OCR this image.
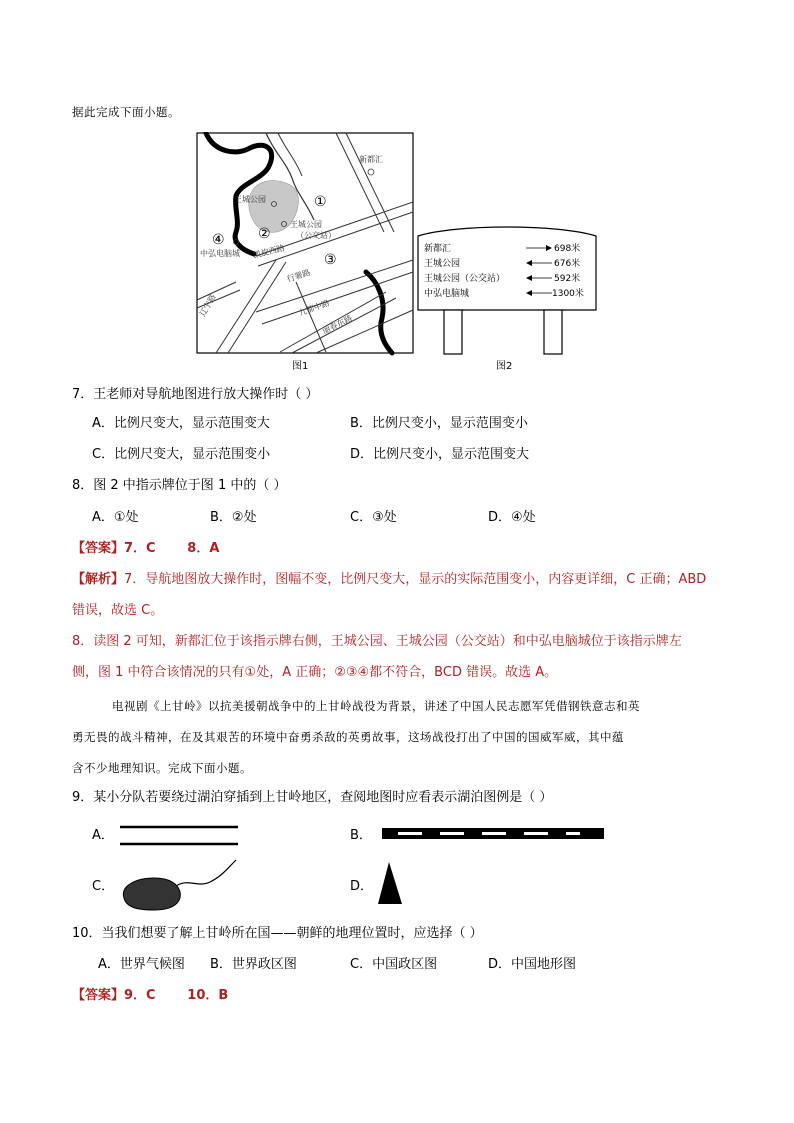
据此完成下面小题。
新都汇
王城公园
王城公园
（公交站）
中弘电脑城 凯旋西路
行署路
辽宁路	九都中路
丽春东路
①
②
③
④
图1
新都汇	698米
王城公园	676米
王城公园（公交站）	592米
中弘电脑城	1300米
图2
7．王老师对导航地图进行放大操作时（ ）
A．比例尺变大，显示范围变大	B．比例尺变小，显示范围变小
C．比例尺变大，显示范围变小	D．比例尺变小，显示范围变大
8．图 2 中指示牌位于图 1 中的（ ）
A．①处	B．②处	C．③处	D．④处
【答案】7．C       8．A
【解析】7．导航地图放大操作时，图幅不变，比例尺变大，显示的实际范围变小，内容更详细，C 正确；ABD
错误，故选 C。
8．读图 2 可知，新都汇位于该指示牌右侧，王城公园、王城公园（公交站）和中弘电脑城位于该指示牌左
侧，图 1 中符合该情况的只有①处，A 正确；②③④都不符合，BCD 错误。故选 A。
电视剧《上甘岭》以抗美援朝战争中的上甘岭战役为背景，讲述了中国人民志愿军凭借钢铁意志和英
勇无畏的战斗精神，在及其艰苦的环境中奋勇杀敌的英勇故事，这场战役打出了中国的国威军威，其中蕴
含不少地理知识。完成下面小题。
9．某小分队若要绕过湖泊穿插到上甘岭地区，查阅地图时应看表示湖泊图例是（ ）
A．	B．
C．	D．
10．当我们想要了解上甘岭所在国——朝鲜的地理位置时，应选择（ ）
A．世界气候图 B．世界政区图	C．中国政区图	D．中国地形图
【答案】9．C       10．B
